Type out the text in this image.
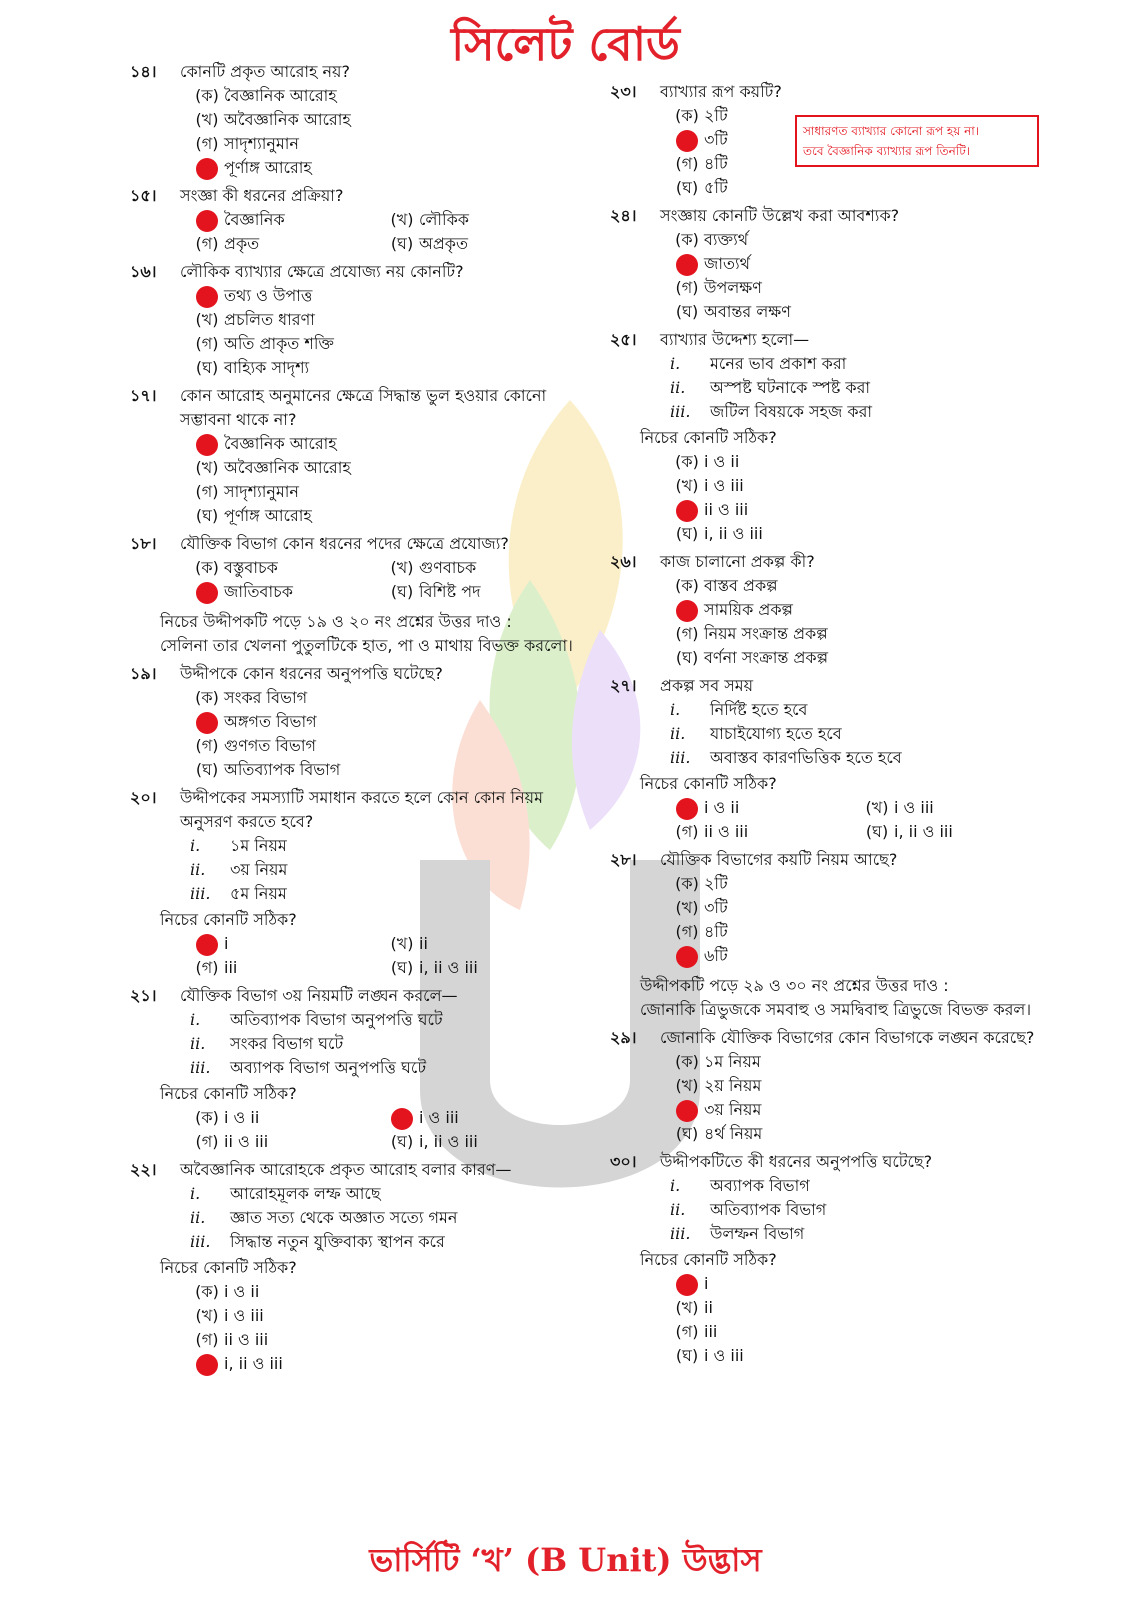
সিলেট বোর্ড
সাধারণত ব্যাখ্যার কোনো রূপ হয় না।
তবে বৈজ্ঞানিক ব্যাখ্যার রূপ তিনটি।
১৪।	কোনটি প্রকৃত আরোহ নয়?
(ক) বৈজ্ঞানিক আরোহ
(খ) অবৈজ্ঞানিক আরোহ
(গ) সাদৃশ্যানুমান
পূর্ণাঙ্গ আরোহ
১৫।	সংজ্ঞা কী ধরনের প্রক্রিয়া?
বৈজ্ঞানিক	(খ) লৌকিক
(গ) প্রকৃত	(ঘ) অপ্রকৃত
১৬।	লৌকিক ব্যাখ্যার ক্ষেত্রে প্রযোজ্য নয় কোনটি?
তথ্য ও উপাত্ত
(খ) প্রচলিত ধারণা
(গ) অতি প্রাকৃত শক্তি
(ঘ) বাহ্যিক সাদৃশ্য
১৭।	কোন আরোহ অনুমানের ক্ষেত্রে সিদ্ধান্ত ভুল হওয়ার কোনো সম্ভাবনা থাকে না?
বৈজ্ঞানিক আরোহ
(খ) অবৈজ্ঞানিক আরোহ
(গ) সাদৃশ্যানুমান
(ঘ) পূর্ণাঙ্গ আরোহ
১৮।	যৌক্তিক বিভাগ কোন ধরনের পদের ক্ষেত্রে প্রযোজ্য?
(ক) বস্তুবাচক	(খ) গুণবাচক
জাতিবাচক	(ঘ) বিশিষ্ট পদ
নিচের উদ্দীপকটি পড়ে ১৯ ও ২০ নং প্রশ্নের উত্তর দাও :
সেলিনা তার খেলনা পুতুলটিকে হাত, পা ও মাথায় বিভক্ত করলো।
১৯।	উদ্দীপকে কোন ধরনের অনুপপত্তি ঘটেছে?
(ক) সংকর বিভাগ
অঙ্গগত বিভাগ
(গ) গুণগত বিভাগ
(ঘ) অতিব্যাপক বিভাগ
২০।	উদ্দীপকের সমস্যাটি সমাধান করতে হলে কোন কোন নিয়ম অনুসরণ করতে হবে?
i.	১ম নিয়ম
ii.	৩য় নিয়ম
iii.	৫ম নিয়ম
নিচের কোনটি সঠিক?
i	(খ) ii
(গ) iii	(ঘ) i, ii ও iii
২১।	যৌক্তিক বিভাগ ৩য় নিয়মটি লঙ্ঘন করলে—
i.	অতিব্যাপক বিভাগ অনুপপত্তি ঘটে
ii.	সংকর বিভাগ ঘটে
iii.	অব্যাপক বিভাগ অনুপপত্তি ঘটে
নিচের কোনটি সঠিক?
(ক) i ও ii	i ও iii
(গ) ii ও iii	(ঘ) i, ii ও iii
২২।	অবৈজ্ঞানিক আরোহকে প্রকৃত আরোহ বলার কারণ—
i.	আরোহমূলক লম্ফ আছে
ii.	জ্ঞাত সত্য থেকে অজ্ঞাত সত্যে গমন
iii.	সিদ্ধান্ত নতুন যুক্তিবাক্য স্থাপন করে
নিচের কোনটি সঠিক?
(ক) i ও ii
(খ) i ও iii
(গ) ii ও iii
i, ii ও iii
২৩।	ব্যাখ্যার রূপ কয়টি?
(ক) ২টি
৩টি
(গ) ৪টি
(ঘ) ৫টি
২৪।	সংজ্ঞায় কোনটি উল্লেখ করা আবশ্যক?
(ক) ব্যক্ত্যর্থ
জাত্যর্থ
(গ) উপলক্ষণ
(ঘ) অবান্তর লক্ষণ
২৫।	ব্যাখ্যার উদ্দেশ্য হলো—
i.	মনের ভাব প্রকাশ করা
ii.	অস্পষ্ট ঘটনাকে স্পষ্ট করা
iii.	জটিল বিষয়কে সহজ করা
নিচের কোনটি সঠিক?
(ক) i ও ii
(খ) i ও iii
ii ও iii
(ঘ) i, ii ও iii
২৬।	কাজ চালানো প্রকল্প কী?
(ক) বাস্তব প্রকল্প
সাময়িক প্রকল্প
(গ) নিয়ম সংক্রান্ত প্রকল্প
(ঘ) বর্ণনা সংক্রান্ত প্রকল্প
২৭।	প্রকল্প সব সময়
i.	নির্দিষ্ট হতে হবে
ii.	যাচাইযোগ্য হতে হবে
iii.	অবাস্তব কারণভিত্তিক হতে হবে
নিচের কোনটি সঠিক?
i ও ii	(খ) i ও iii
(গ) ii ও iii	(ঘ) i, ii ও iii
২৮।	যৌক্তিক বিভাগের কয়টি নিয়ম আছে?
(ক) ২টি
(খ) ৩টি
(গ) ৪টি
৬টি
উদ্দীপকটি পড়ে ২৯ ও ৩০ নং প্রশ্নের উত্তর দাও :
জোনাকি ত্রিভুজকে সমবাহু ও সমদ্বিবাহু ত্রিভুজে বিভক্ত করল।
২৯।	জোনাকি যৌক্তিক বিভাগের কোন বিভাগকে লঙ্ঘন করেছে?
(ক) ১ম নিয়ম
(খ) ২য় নিয়ম
৩য় নিয়ম
(ঘ) ৪র্থ নিয়ম
৩০।	উদ্দীপকটিতে কী ধরনের অনুপপত্তি ঘটেছে?
i.	অব্যাপক বিভাগ
ii.	অতিব্যাপক বিভাগ
iii.	উলম্ফন বিভাগ
নিচের কোনটি সঠিক?
i
(খ) ii
(গ) iii
(ঘ) i ও iii
ভার্সিটি ‘খ’ (B Unit) উদ্ভাস
